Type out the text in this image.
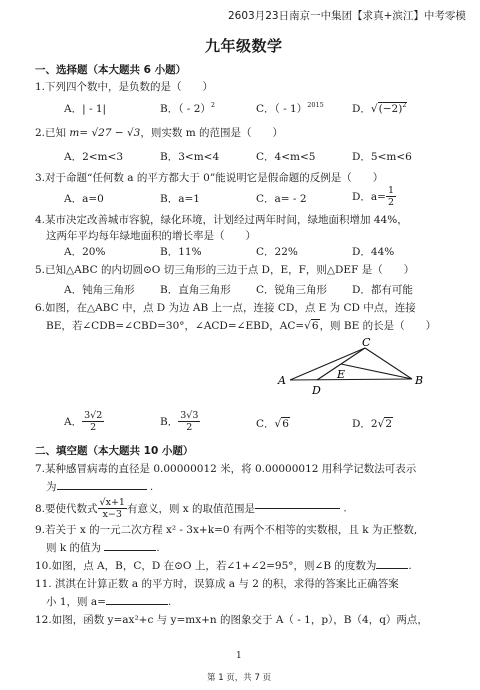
2603月23日南京一中集团【求真+滨江】中考零模
九年级数学
一、选择题（本大题共 6 小题）
1.下列四个数中，是负数的是（　　）
A．| - 1|	B．（ - 2）$^2$	C．（ - 1）$^{2015}$	D．$√(-2)^2$
2.已知 m= √27 − √3，则实数 m 的范围是（　　）
A．2<m<3	B．3<m<4	C．4<m<5	D．5<m<6
3.对于命题“任何数 a 的平方都大于 0”能说明它是假命题的反例是（　　）
A．a=0	B．a=1	C．a= - 2	D．$a= \frac{1}{2}$
4.某市决定改善城市容貌，绿化环境，计划经过两年时间，绿地面积增加 44%，
这两年平均每年绿地面积的增长率是（　　）
A．20%	B．11%	C．22%	D．44%
5.已知△ABC 的内切圆⊙O 切三角形的三边于点 D，E，F，则△DEF 是（　　）
A．钝角三角形 B．直角三角形 C．锐角三角形 D．都有可能
6.如图，在△ABC 中，点 D 为边 AB 上一点，连接 CD，点 E 为 CD 中点，连接
BE，若∠CDB=∠CBD=30°，∠ACD=∠EBD，AC=√6，则 BE 的长是（　　）
A	B
C
D
E
A． $\frac{3√2}{2}$	B． $\frac{3√3}{2}$	C．√6	D．2√2
二、填空题（本大题共 10 小题）
7.某种感冒病毒的直径是 0.00000012 米，将 0.00000012 用科学记数法可表示
为	.
8.要使代数式 $\frac{√x+1}{x-3}$ 有意义，则 x 的取值范围是	.
9.若关于 x 的一元二次方程 x² - 3x+k=0 有两个不相等的实数根，且 k 为正整数,
则 k 的值为	.
10.如图，点 A，B，C，D 在⊙O 上，若∠1+∠2=95°，则∠B 的度数为	.
11. 淇淇在计算正数 a 的平方时，误算成 a 与 2 的积，求得的答案比正确答案
小 1，则 a=	.
12.如图，函数 y=ax²+c 与 y=mx+n 的图象交于 A（ - 1，p），B（4，q）两点，
1
第 1 页，共 7 页
